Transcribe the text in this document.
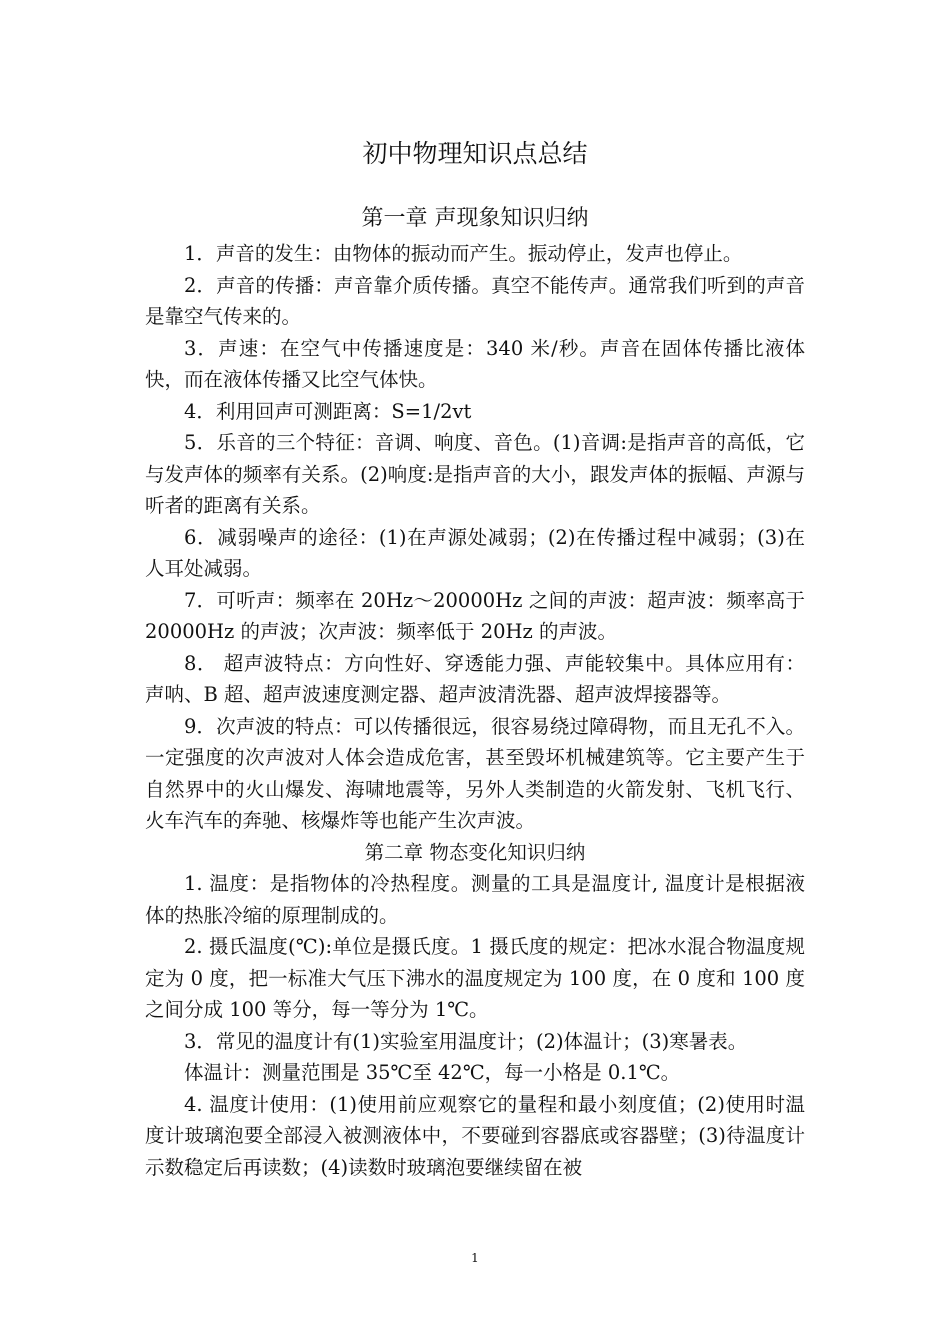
初中物理知识点总结
第一章 声现象知识归纳

1．声音的发生：由物体的振动而产生。振动停止，发声也停止。

2．声音的传播：声音靠介质传播。真空不能传声。通常我们听到的声音是靠空气传来的。

3．声速：在空气中传播速度是：340 米/秒。声音在固体传播比液体快，而在液体传播又比空气体快。

4．利用回声可测距离：S=1/2vt

5．乐音的三个特征：音调、响度、音色。(1)音调:是指声音的高低，它与发声体的频率有关系。(2)响度:是指声音的大小，跟发声体的振幅、声源与听者的距离有关系。

6．减弱噪声的途径：(1)在声源处减弱；(2)在传播过程中减弱；(3)在人耳处减弱。

7．可听声：频率在 20Hz～20000Hz 之间的声波：超声波：频率高于 20000Hz 的声波；次声波：频率低于 20Hz 的声波。

8． 超声波特点：方向性好、穿透能力强、声能较集中。具体应用有：声呐、B 超、超声波速度测定器、超声波清洗器、超声波焊接器等。

9．次声波的特点：可以传播很远，很容易绕过障碍物，而且无孔不入。一定强度的次声波对人体会造成危害，甚至毁坏机械建筑等。它主要产生于自然界中的火山爆发、海啸地震等，另外人类制造的火箭发射、飞机飞行、火车汽车的奔驰、核爆炸等也能产生次声波。

第二章 物态变化知识归纳

1. 温度：是指物体的冷热程度。测量的工具是温度计, 温度计是根据液体的热胀冷缩的原理制成的。

2. 摄氏温度(℃):单位是摄氏度。1 摄氏度的规定：把冰水混合物温度规定为 0 度，把一标准大气压下沸水的温度规定为 100 度，在 0 度和 100 度之间分成 100 等分，每一等分为 1℃。

3．常见的温度计有(1)实验室用温度计；(2)体温计；(3)寒暑表。

体温计：测量范围是 35℃至 42℃，每一小格是 0.1℃。

4. 温度计使用：(1)使用前应观察它的量程和最小刻度值；(2)使用时温度计玻璃泡要全部浸入被测液体中，不要碰到容器底或容器壁；(3)待温度计示数稳定后再读数；(4)读数时玻璃泡要继续留在被

1
